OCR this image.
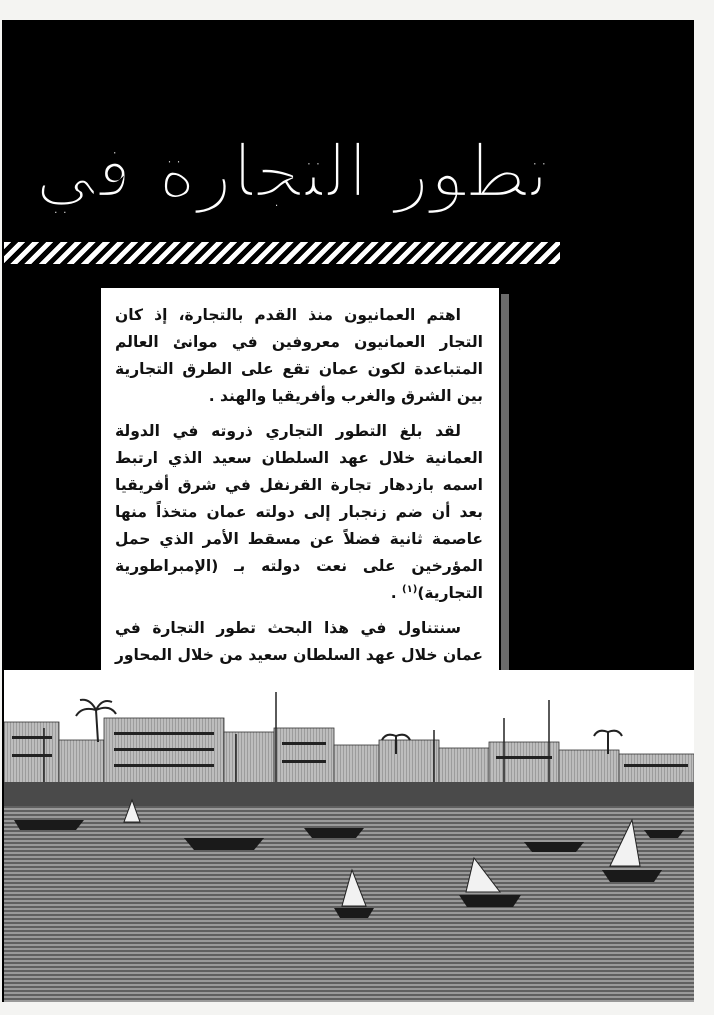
تطور التجارة في

اهتم العمانيون منذ القدم بالتجارة، إذ كان التجار العمانيون معروفين في موانئ العالم المتباعدة لكون عمان تقع على الطرق التجارية بين الشرق والغرب وأفريقيا والهند .

لقد بلغ التطور التجاري ذروته في الدولة العمانية خلال عهد السلطان سعيد الذي ارتبط اسمه بازدهار تجارة القرنفل في شرق أفريقيا بعد أن ضم زنجبار إلى دولته عمان متخذاً منها عاصمة ثانية فضلاً عن مسقط الأمر الذي حمل المؤرخين على نعت دولته بـ (الإمبراطورية التجارية)$^{(١)}$ .

سنتناول في هذا البحث تطور التجارة في عمان خلال عهد السلطان سعيد من خلال المحاور
